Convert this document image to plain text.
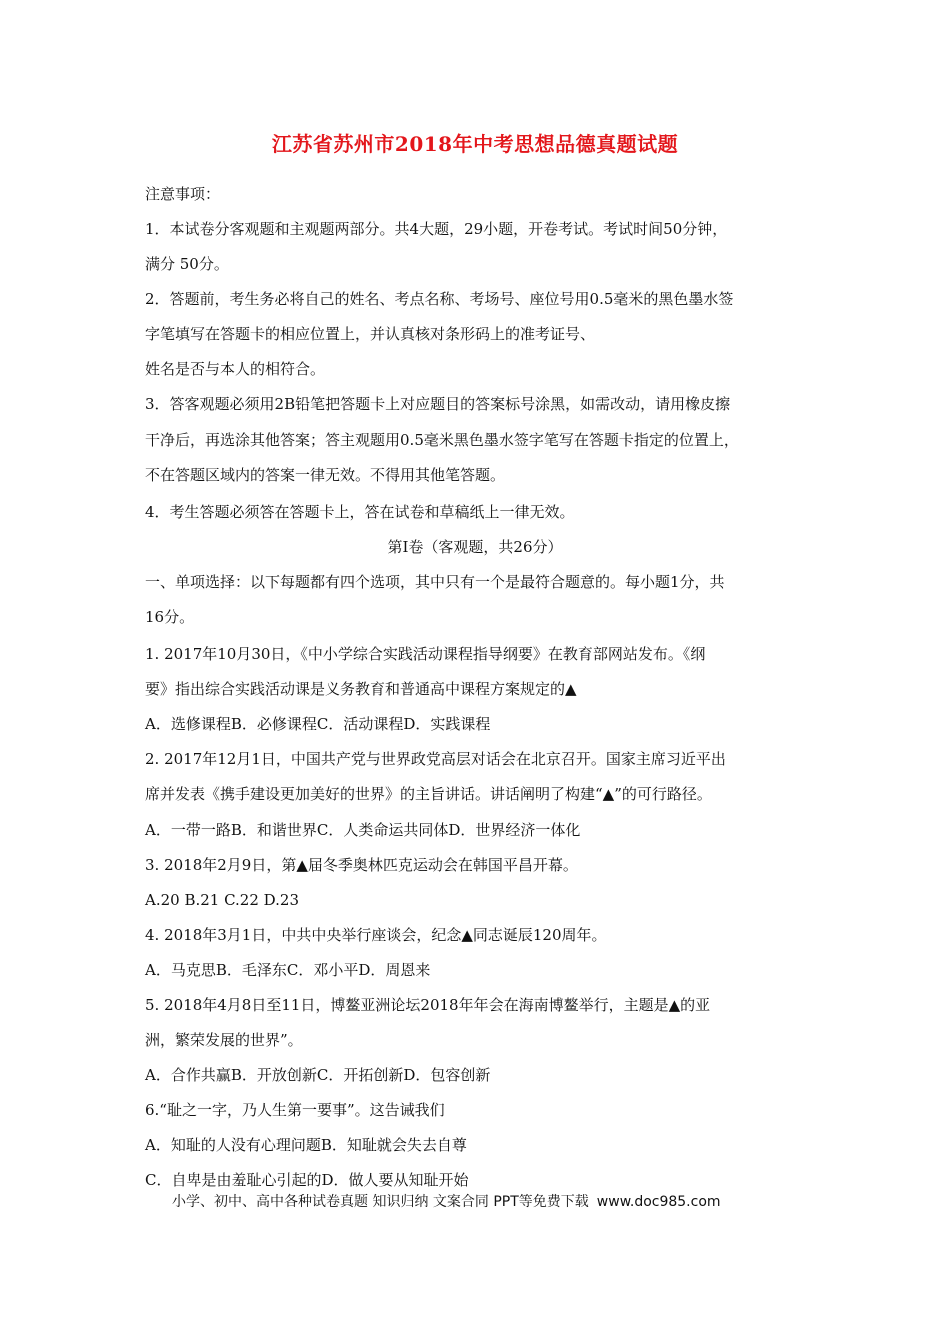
江苏省苏州市2018年中考思想品德真题试题
注意事项：
1．本试卷分客观题和主观题两部分。共4大题，29小题，开卷考试。考试时间50分钟，
满分 50分。
2．答题前，考生务必将自己的姓名、考点名称、考场号、座位号用0.5毫米的黑色墨水签
字笔填写在答题卡的相应位置上，并认真核对条形码上的准考证号、
姓名是否与本人的相符合。
3．答客观题必须用2B铅笔把答题卡上对应题目的答案标号涂黑，如需改动，请用橡皮擦
干净后，再选涂其他答案；答主观题用0.5毫米黑色墨水签字笔写在答题卡指定的位置上，
不在答题区域内的答案一律无效。不得用其他笔答题。
4．考生答题必须答在答题卡上，答在试卷和草稿纸上一律无效。
第Ⅰ卷（客观题，共26分）
一、单项选择：以下每题都有四个选项，其中只有一个是最符合题意的。每小题1分，共
16分。
1. 2017年10月30日，《中小学综合实践活动课程指导纲要》在教育部网站发布。《纲
要》指出综合实践活动课是义务教育和普通高中课程方案规定的▲
A．选修课程B．必修课程C．活动课程D．实践课程
2. 2017年12月1日，中国共产党与世界政党高层对话会在北京召开。国家主席习近平出
席并发表《携手建设更加美好的世界》的主旨讲话。讲话阐明了构建“▲”的可行路径。
A．一带一路B．和谐世界C．人类命运共同体D．世界经济一体化
3. 2018年2月9日，第▲届冬季奥林匹克运动会在韩国平昌开幕。
A.20 B.21 C.22 D.23
4. 2018年3月1日，中共中央举行座谈会，纪念▲同志诞辰120周年。
A．马克思B．毛泽东C．邓小平D．周恩来
5. 2018年4月8日至11日，博鳌亚洲论坛2018年年会在海南博鳌举行，主题是▲的亚
洲，繁荣发展的世界”。
A．合作共赢B．开放创新C．开拓创新D．包容创新
6.“耻之一字，乃人生第一要事”。这告诫我们
A．知耻的人没有心理问题B．知耻就会失去自尊
C．自卑是由羞耻心引起的D．做人要从知耻开始
小学、初中、高中各种试卷真题 知识归纳 文案合同 PPT等免费下载 www.doc985.com
